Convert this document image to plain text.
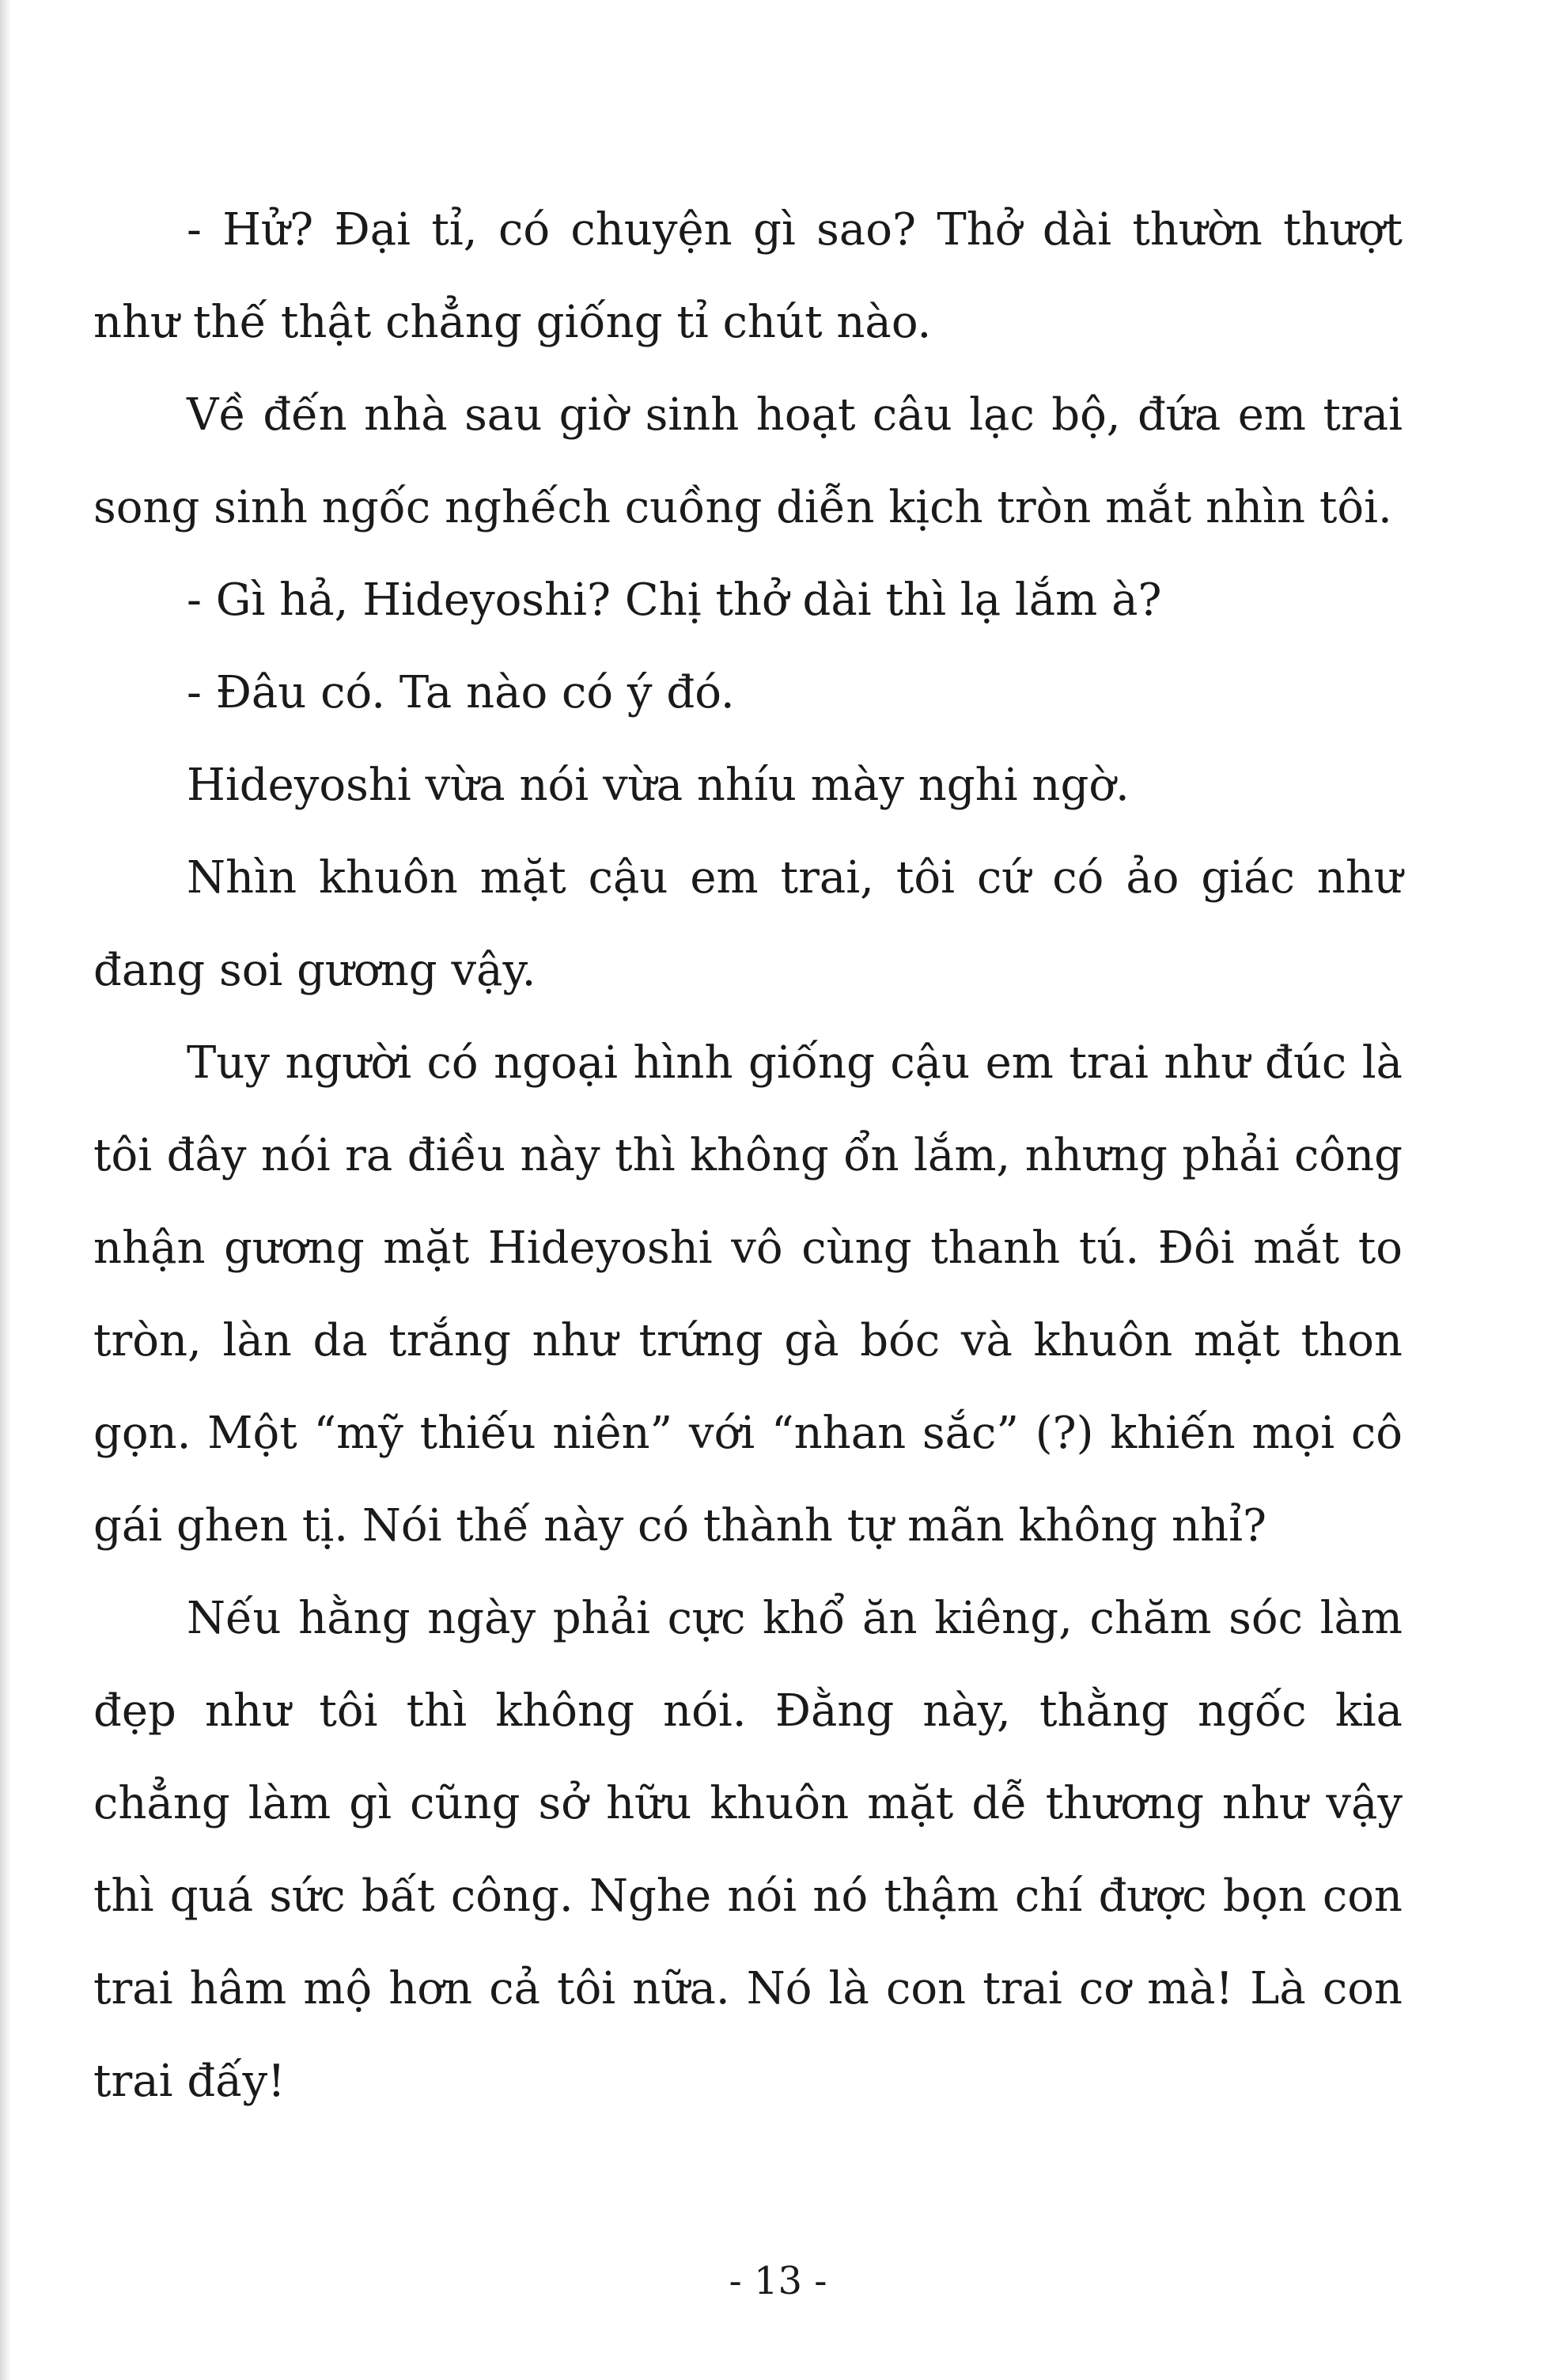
- Hử? Đại tỉ, có chuyện gì sao? Thở dài thườn thượt như thế thật chẳng giống tỉ chút nào.

Về đến nhà sau giờ sinh hoạt câu lạc bộ, đứa em trai song sinh ngốc nghếch cuồng diễn kịch tròn mắt nhìn tôi.

- Gì hả, Hideyoshi? Chị thở dài thì lạ lắm à?

- Đâu có. Ta nào có ý đó.

Hideyoshi vừa nói vừa nhíu mày nghi ngờ.

Nhìn khuôn mặt cậu em trai, tôi cứ có ảo giác như đang soi gương vậy.

Tuy người có ngoại hình giống cậu em trai như đúc là tôi đây nói ra điều này thì không ổn lắm, nhưng phải công nhận gương mặt Hideyoshi vô cùng thanh tú. Đôi mắt to tròn, làn da trắng như trứng gà bóc và khuôn mặt thon gọn. Một “mỹ thiếu niên” với “nhan sắc” (?) khiến mọi cô gái ghen tị. Nói thế này có thành tự mãn không nhỉ?

Nếu hằng ngày phải cực khổ ăn kiêng, chăm sóc làm đẹp như tôi thì không nói. Đằng này, thằng ngốc kia chẳng làm gì cũng sở hữu khuôn mặt dễ thương như vậy thì quá sức bất công. Nghe nói nó thậm chí được bọn con trai hâm mộ hơn cả tôi nữa. Nó là con trai cơ mà! Là con trai đấy!

- 13 -
